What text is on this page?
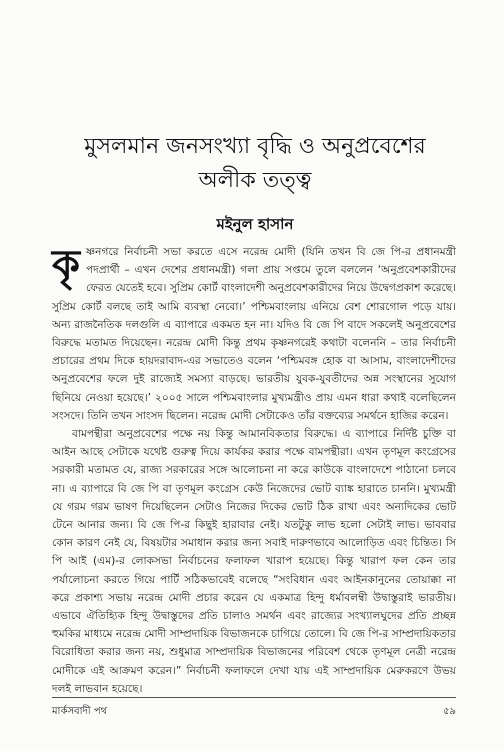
মুসলমান জনসংখ্যা বৃদ্ধি ও অনুপ্রবেশের
অলীক তত্ত্ব
মইনুল হাসান

কৃষ্ণনগরে নির্বাচনী সভা করতে এসে নরেন্দ্র মোদী (যিনি তখন বি জে পি-র প্রধানমন্ত্রী পদপ্রার্থী – এখন দেশের প্রধানমন্ত্রী) গলা প্রায় সপ্তমে তুলে বললেন ‘অনুপ্রবেশকারীদের ফেরত যেতেই হবে। সুপ্রিম কোর্ট বাংলাদেশী অনুপ্রবেশকারীদের নিয়ে উদ্বেগপ্রকাশ করেছে। সুপ্রিম কোর্ট বলছে তাই আমি ব্যবস্থা নেবো।’ পশ্চিমবাংলায় এনিয়ে বেশ শোরগোল পড়ে যায়। অন্য রাজনৈতিক দলগুলি এ ব্যাপারে একমত হন না। যদিও বি জে পি বাদে সকলেই অনুপ্রবেশের বিরুদ্ধে মতামত দিয়েছেন। নরেন্দ্র মোদী কিন্তু প্রথম কৃষ্ণনগরেই কথাটা বলেননি – তার নির্বাচনী প্রচারের প্রথম দিকে হায়দরাবাদ-এর সভাতেও বলেন ‘পশ্চিমবঙ্গ হোক বা আসাম, বাংলাদেশীদের অনুপ্রবেশের ফলে দুই রাজ্যেই সমস্যা বাড়ছে। ভারতীয় যুবক-যুবতীদের অন্ন সংস্থানের সুযোগ ছিনিয়ে নেওয়া হয়েছে।’ ২০০৫ সালে পশ্চিমবাংলার মুখ্যমন্ত্রীও প্রায় এমন ধারা কথাই বলেছিলেন সংসদে। তিনি তখন সাংসদ ছিলেন। নরেন্দ্র মোদী সেটাকেও তাঁর বক্তব্যের সমর্থনে হাজির করেন।

বামপন্থীরা অনুপ্রবেশের পক্ষে নয় কিন্তু আমানবিকতার বিরুদ্ধে। এ ব্যাপারে নির্দিষ্ট চুক্তি বা আইন আছে সেটাকে যথেষ্ট গুরুত্ব দিয়ে কার্যকর করার পক্ষে বামপন্থীরা। এখন তৃণমূল কংগ্রেসের সরকারী মতামত যে, রাজ্য সরকারের সঙ্গে আলোচনা না করে কাউকে বাংলাদেশে পাঠানো চলবে না। এ ব্যাপারে বি জে পি বা তৃণমূল কংগ্রেস কেউ নিজেদের ভোট ব্যাঙ্ক হারাতে চাননি। মুখ্যমন্ত্রী যে গরম গরম ভাষণ দিয়েছিলেন সেটাও নিজের দিকের ভোট ঠিক রাখা এবং অন্যদিকের ভোট টেনে আনার জন্য। বি জে পি-র কিছুই হারাবার নেই। যতটুকু লাভ হলো সেটাই লাভ। ভাববার কোন কারণ নেই যে, বিষয়টার সমাধান করার জন্য সবাই দারুণভাবে আলোড়িত এবং চিন্তিত। সি পি আই (এম)-র লোকসভা নির্বাচনের ফলাফল খারাপ হয়েছে। কিন্তু খারাপ ফল কেন তার পর্যালোচনা করতে গিয়ে পার্টি সঠিকভাবেই বলেছে “সংবিধান এবং আইনকানুনের তোয়াক্কা না করে প্রকাশ্য সভায় নরেন্দ্র মোদী প্রচার করেন যে একমাত্র হিন্দু ধর্মাবলম্বী উদ্বাস্তুরাই ভারতীয়। এভাবে ঐতিহ্যিক হিন্দু উদ্বাস্তুদের প্রতি চালাও সমর্থন এবং রাজ্যের সংখ্যালঘুদের প্রতি প্রচ্ছন্ন হুমকির মাধ্যমে নরেন্দ্র মোদী সাম্প্রদায়িক বিভাজনকে চাগিয়ে তোলে। বি জে পি-র সাম্প্রদায়িকতার বিরোধিতা করার জন্য নয়, শুধুমাত্র সাম্প্রদায়িক বিভাজনের পরিবেশ থেকে তৃণমূল নেত্রী নরেন্দ্র মোদীকে এই আক্রমণ করেন।” নির্বাচনী ফলাফলে দেখা যায় এই সাম্প্রদায়িক মেরুকরণে উভয় দলই লাভবান হয়েছে।

মার্কসবাদী পথ	৫৯
